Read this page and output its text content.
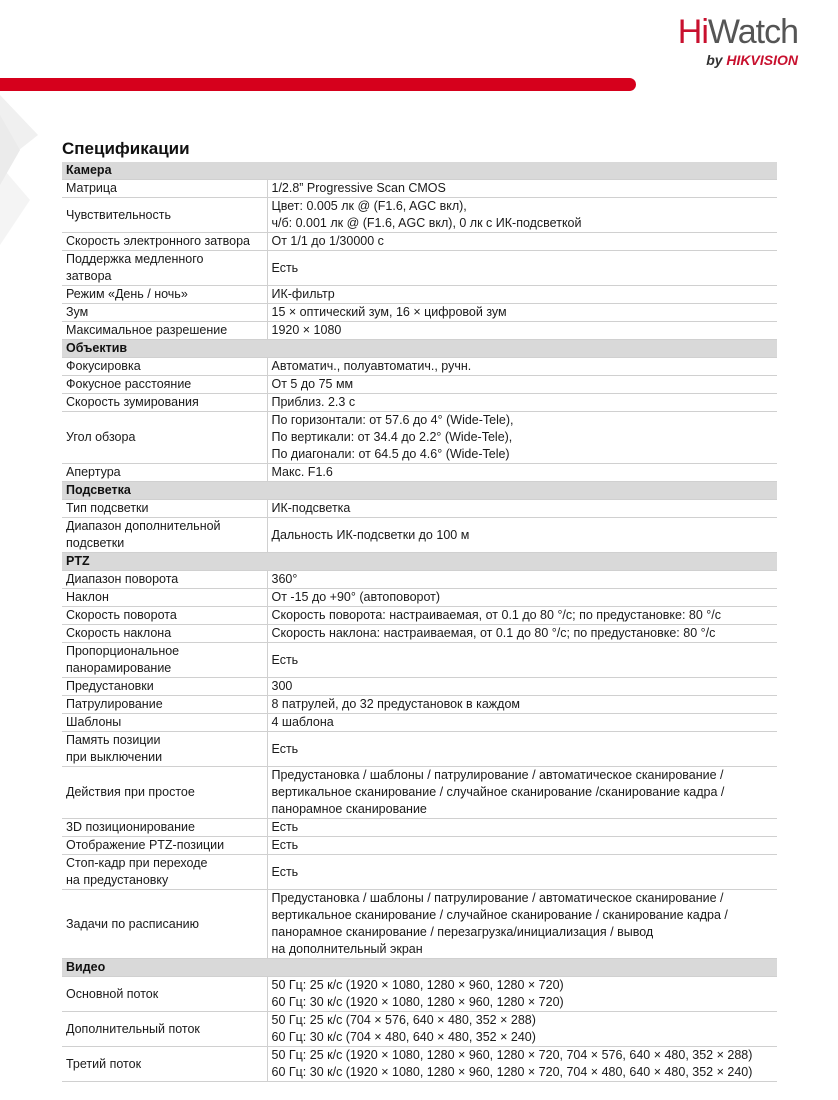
HiWatch
by HIKVISION
Спецификации
Камера	
Матрица	1/2.8” Progressive Scan CMOS
Чувствительность	Цвет: 0.005 лк @ (F1.6, AGC вкл),
ч/б: 0.001 лк @ (F1.6, AGC вкл), 0 лк с ИК-подсветкой
Скорость электронного затвора	От 1/1 до 1/30000 с
Поддержка медленного
затвора	Есть
Режим «День / ночь»	ИК-фильтр
Зум	15 × оптический зум, 16 × цифровой зум
Максимальное разрешение	1920 × 1080
Объектив	
Фокусировка	Автоматич., полуавтоматич., ручн.
Фокусное расстояние	От 5 до 75 мм
Скорость зумирования	Приблиз. 2.3 с
Угол обзора	По горизонтали: от 57.6 до 4° (Wide-Tele),
По вертикали: от 34.4 до 2.2° (Wide-Tele),
По диагонали: от 64.5 до 4.6° (Wide-Tele)
Апертура	Макс. F1.6
Подсветка	
Тип подсветки	ИК-подсветка
Диапазон дополнительной
подсветки	Дальность ИК-подсветки до 100 м
PTZ	
Диапазон поворота	360°
Наклон	От -15 до +90° (автоповорот)
Скорость поворота	Скорость поворота: настраиваемая, от 0.1 до 80 °/с; по предустановке: 80 °/с
Скорость наклона	Скорость наклона: настраиваемая, от 0.1 до 80 °/с; по предустановке: 80 °/с
Пропорциональное
панорамирование	Есть
Предустановки	300
Патрулирование	8 патрулей, до 32 предустановок в каждом
Шаблоны	4 шаблона
Память позиции
при выключении	Есть
Действия при простое	Предустановка / шаблоны / патрулирование / автоматическое сканирование /
вертикальное сканирование / случайное сканирование /сканирование кадра /
панорамное сканирование
3D позиционирование	Есть
Отображение PTZ-позиции	Есть
Стоп-кадр при переходе
на предустановку	Есть
Задачи по расписанию	Предустановка / шаблоны / патрулирование / автоматическое сканирование /
вертикальное сканирование / случайное сканирование / сканирование кадра /
панорамное сканирование / перезагрузка/инициализация / вывод
на дополнительный экран
Видео	
Основной поток	50 Гц: 25 к/с (1920 × 1080, 1280 × 960, 1280 × 720)
60 Гц: 30 к/с (1920 × 1080, 1280 × 960, 1280 × 720)
Дополнительный поток	50 Гц: 25 к/с (704 × 576, 640 × 480, 352 × 288)
60 Гц: 30 к/с (704 × 480, 640 × 480, 352 × 240)
Третий поток	50 Гц: 25 к/с (1920 × 1080, 1280 × 960, 1280 × 720, 704 × 576, 640 × 480, 352 × 288)
60 Гц: 30 к/с (1920 × 1080, 1280 × 960, 1280 × 720, 704 × 480, 640 × 480, 352 × 240)
